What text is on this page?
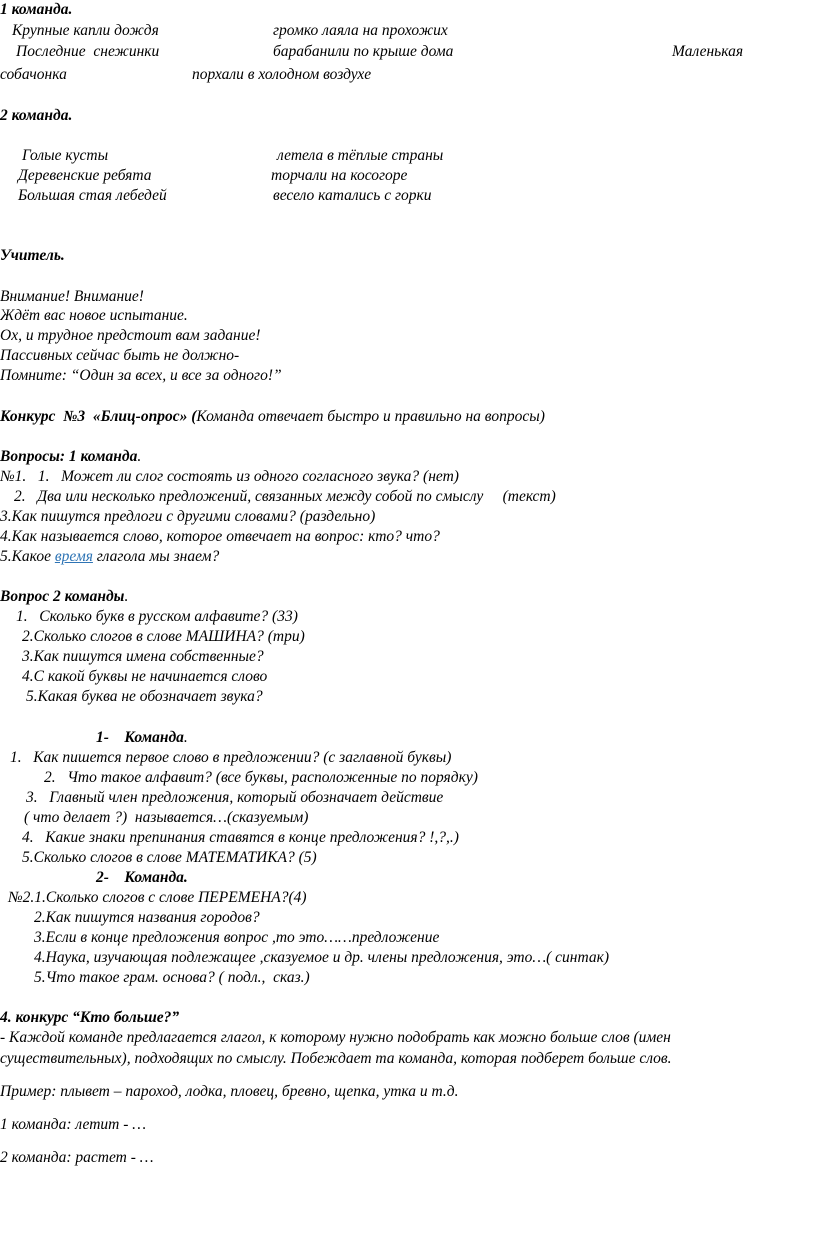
1 команда.
Крупные капли дождя	громко лаяла на прохожих
Последние  снежинки	барабанили по крыше дома	Маленькая
собачонка	порхали в холодном воздухе
2 команда.
Голые кусты	летела в тёплые страны
Деревенские ребята	торчали на косогоре
Большая стая лебедей	весело катались с горки
Учитель.
Внимание! Внимание!
Ждёт вас новое испытание.
Ох, и трудное предстоит вам задание!
Пассивных сейчас быть не должно-
Помните: “Один за всех, и все за одного!”
Конкурс  №3  «Блиц-опрос» (Команда отвечает быстро и правильно на вопросы)
Вопросы: 1 команда.
№1.   1.   Может ли слог состоять из одного согласного звука? (нет)
2.   Два или несколько предложений, связанных между собой по смыслу     (текст)
3.Как пишутся предлоги с другими словами? (раздельно)
4.Как называется слово, которое отвечает на вопрос: кто? что?
5.Какое время глагола мы знаем?
Вопрос 2 команды.
1.   Сколько букв в русском алфавите? (33)
2.Сколько слогов в слове МАШИНА? (три)
3.Как пишутся имена собственные?
4.С какой буквы не начинается слово
5.Какая буква не обозначает звука?
1-    Команда.
1.   Как пишется первое слово в предложении? (с заглавной буквы)
2.   Что такое алфавит? (все буквы, расположенные по порядку)
3.   Главный член предложения, который обозначает действие
( что делает ?)  называется…(сказуемым)
4.   Какие знаки препинания ставятся в конце предложения? !,?,.)
5.Сколько слогов в слове МАТЕМАТИКА? (5)
2-    Команда.
№2.1.Сколько слогов с слове ПЕРЕМЕНА?(4)
2.Как пишутся названия городов?
3.Если в конце предложения вопрос ,то это……предложение
4.Наука, изучающая подлежащее ,сказуемое и др. члены предложения, это…( синтак)
5.Что такое грам. основа? ( подл.,  сказ.)
4. конкурс “Кто больше?”
- Каждой команде предлагается глагол, к которому нужно подобрать как можно больше слов (имен
существительных), подходящих по смыслу. Побеждает та команда, которая подберет больше слов.
Пример: плывет – пароход, лодка, пловец, бревно, щепка, утка и т.д.
1 команда: летит - …
2 команда: растет - …
